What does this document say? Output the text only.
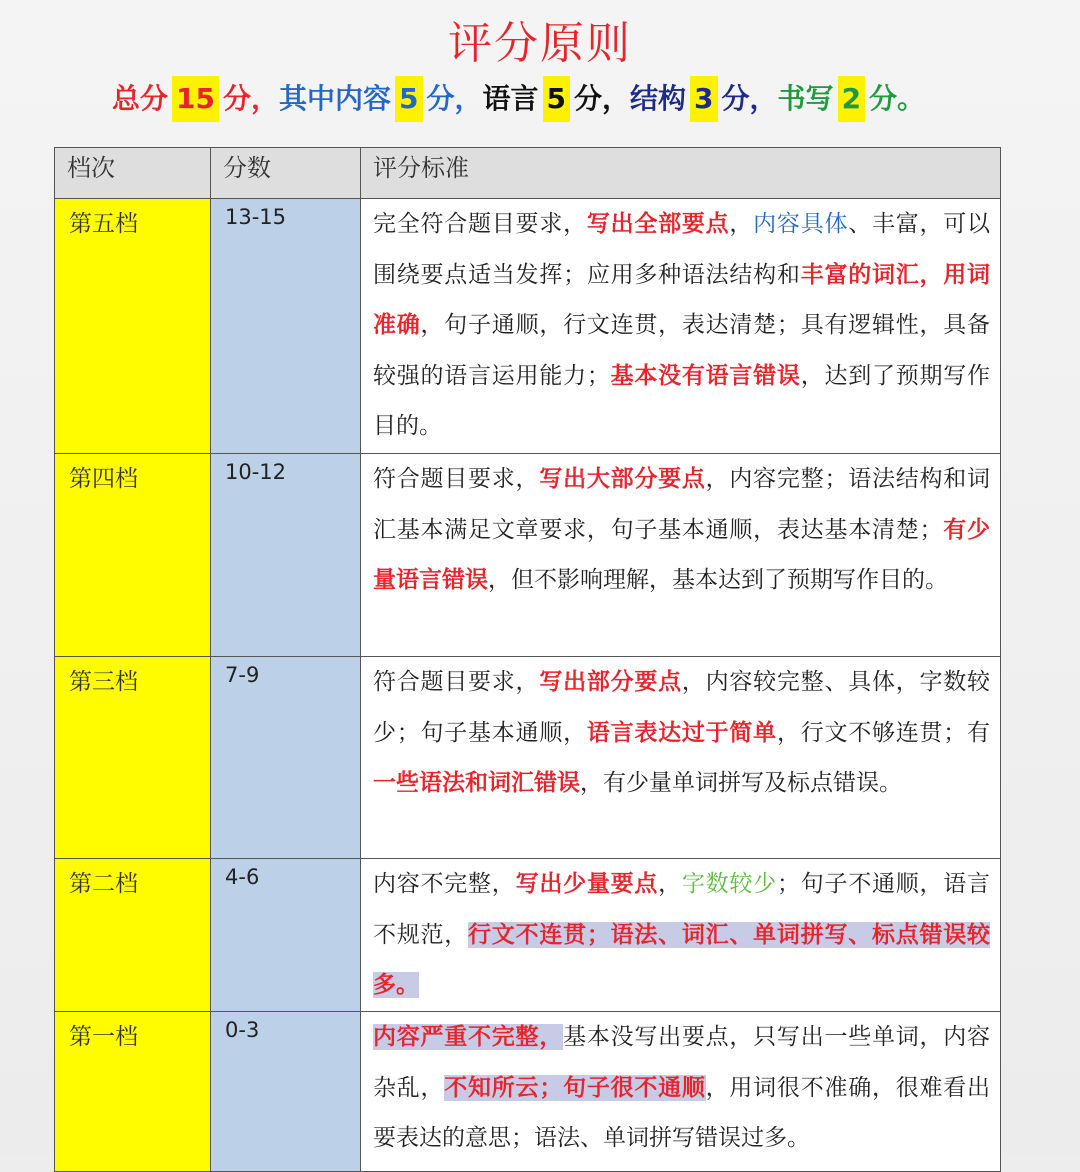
评分原则
总分 15 分，其中内容 5 分，语言 5 分，结构 3 分，书写 2 分。
档次	分数	评分标准
第五档	13-15	完全符合题目要求，写出全部要点，内容具体、丰富，可以围绕要点适当发挥；应用多种语法结构和丰富的词汇，用词准确，句子通顺，行文连贯，表达清楚；具有逻辑性，具备较强的语言运用能力；基本没有语言错误，达到了预期写作目的。
第四档	10-12	符合题目要求，写出大部分要点，内容完整；语法结构和词汇基本满足文章要求，句子基本通顺，表达基本清楚；有少量语言错误，但不影响理解，基本达到了预期写作目的。
第三档	7-9	符合题目要求，写出部分要点，内容较完整、具体，字数较少；句子基本通顺，语言表达过于简单，行文不够连贯；有一些语法和词汇错误，有少量单词拼写及标点错误。
第二档	4-6	内容不完整，写出少量要点，字数较少；句子不通顺，语言不规范，行文不连贯；语法、词汇、单词拼写、标点错误较多。
第一档	0-3	内容严重不完整，基本没写出要点，只写出一些单词，内容杂乱，不知所云；句子很不通顺，用词很不准确，很难看出要表达的意思；语法、单词拼写错误过多。
